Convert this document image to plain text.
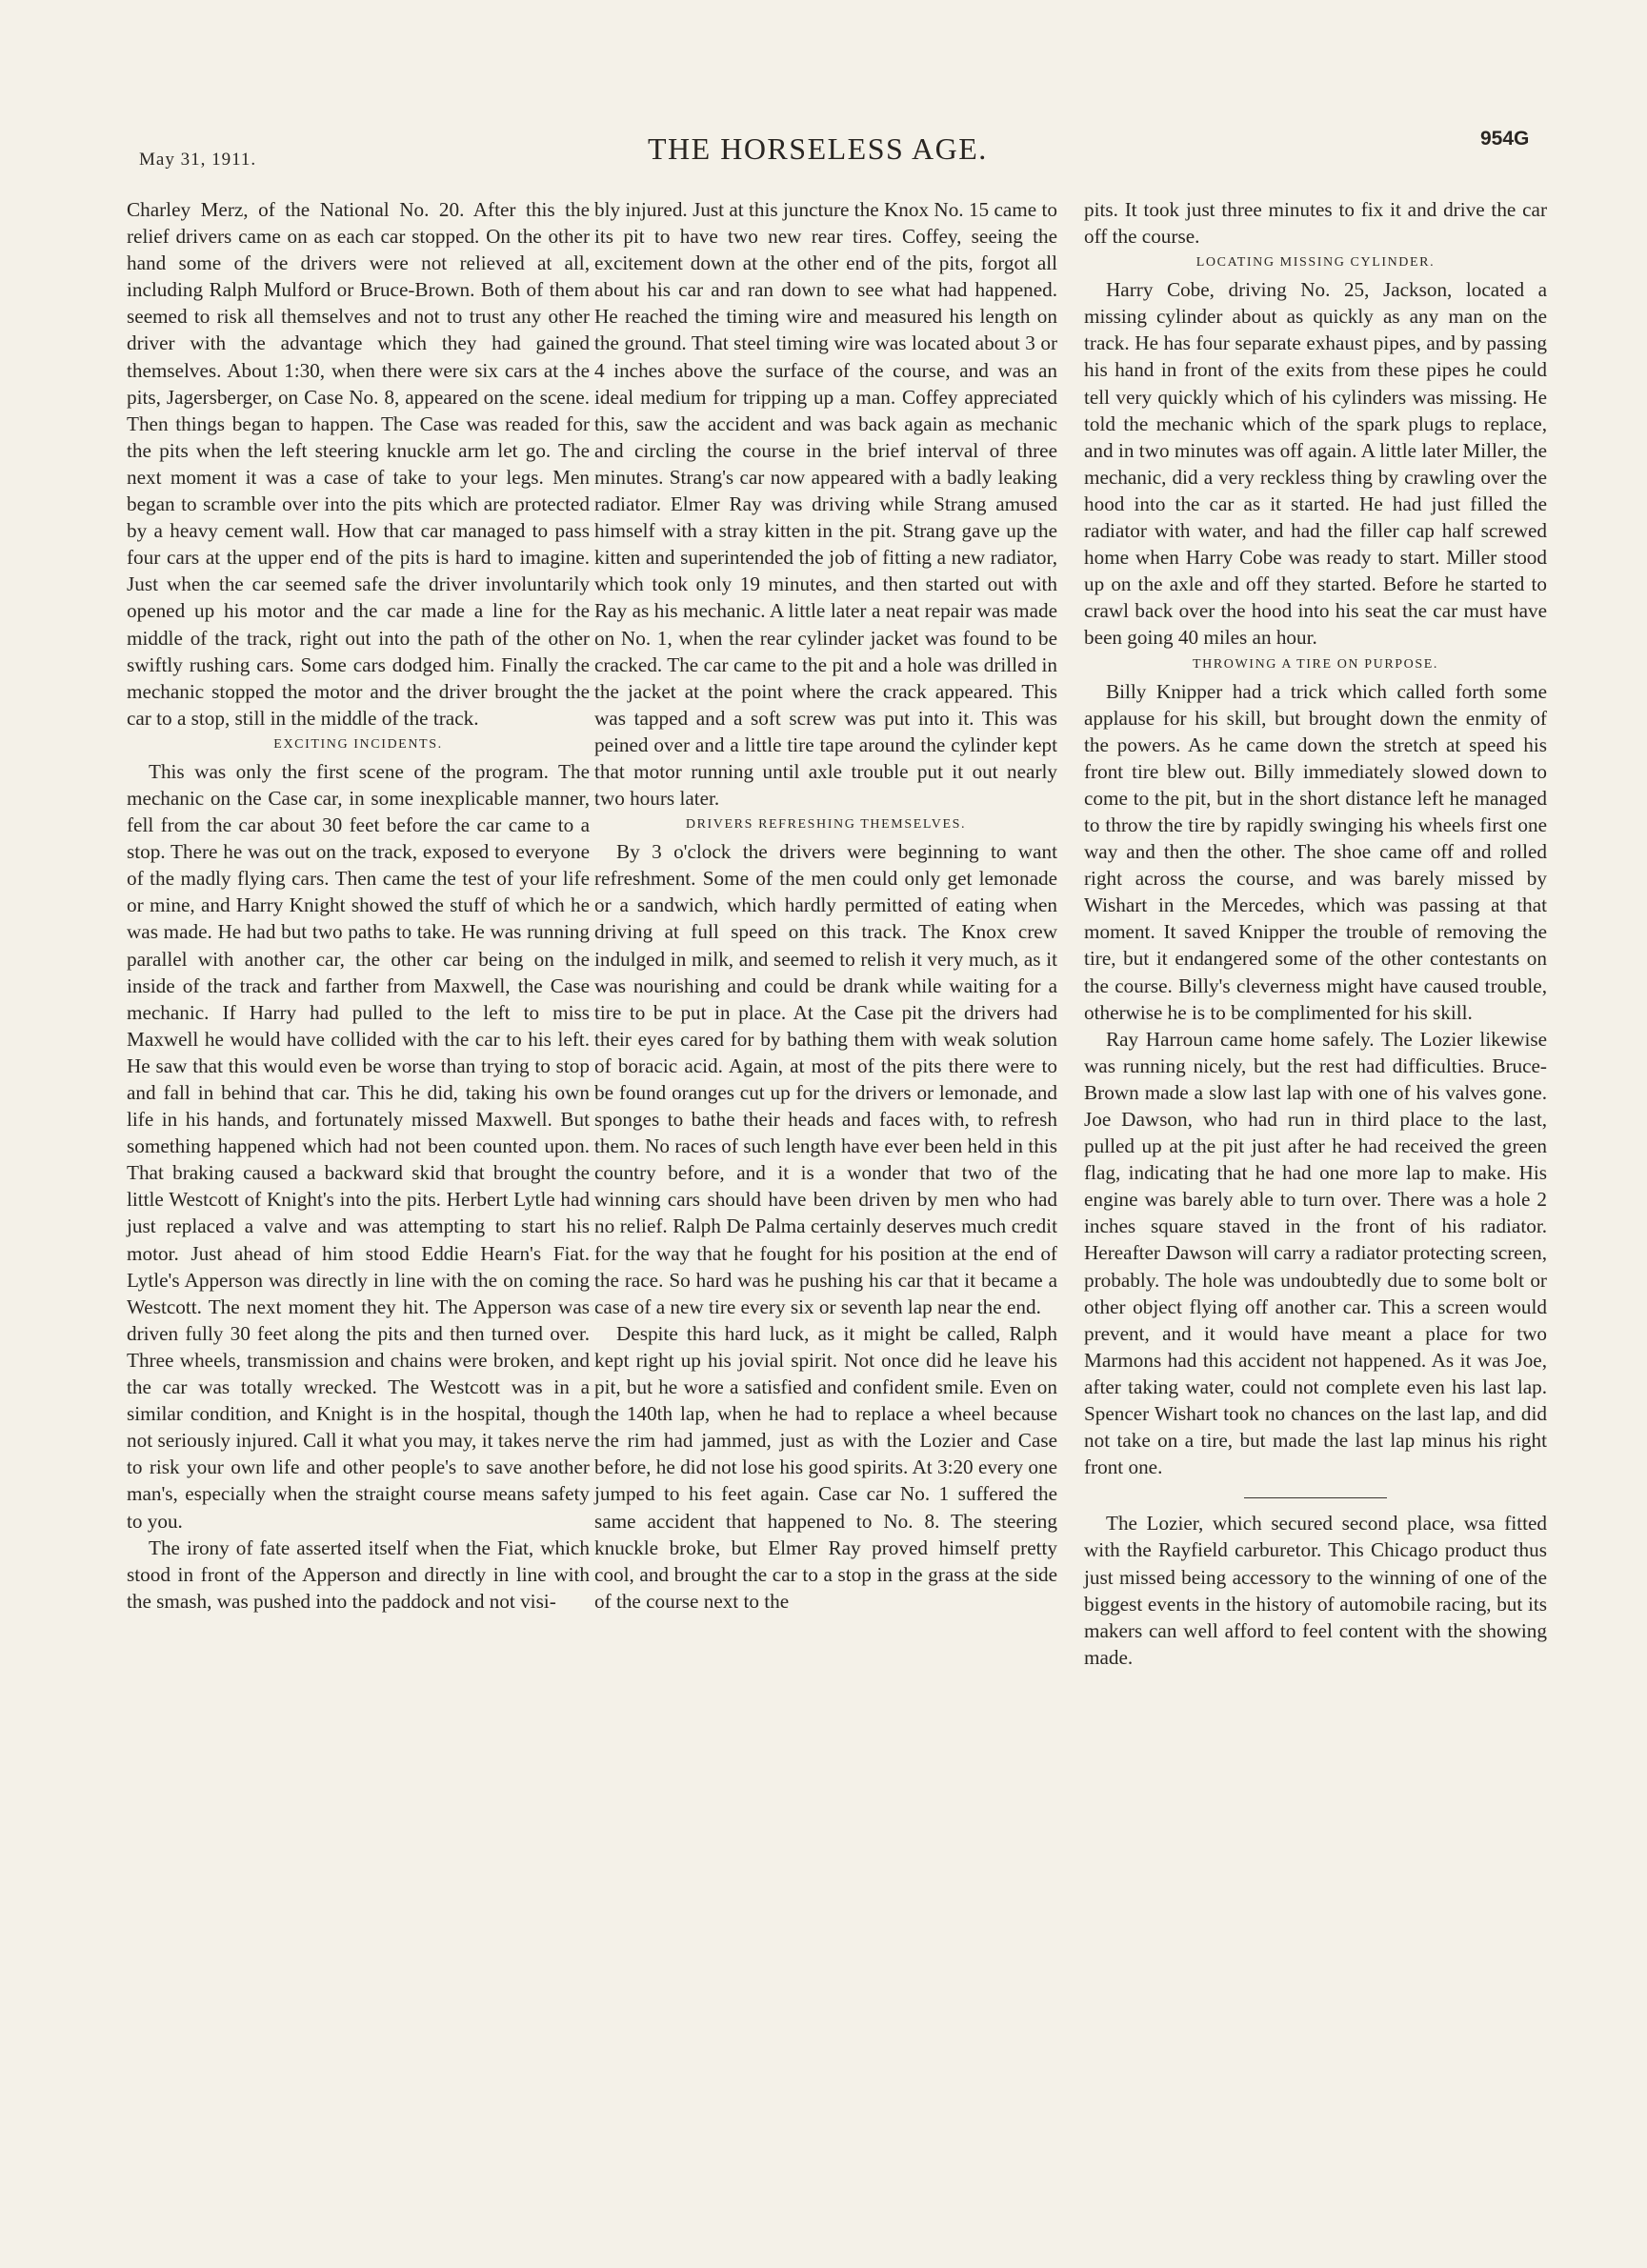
May 31, 1911.	THE HORSELESS AGE.	954G

Charley Merz, of the National No. 20. After this the relief drivers came on as each car stopped. On the other hand some of the drivers were not relieved at all, including Ralph Mulford or Bruce-Brown. Both of them seemed to risk all themselves and not to trust any other driver with the advantage which they had gained themselves. About 1:30, when there were six cars at the pits, Jagersberger, on Case No. 8, appeared on the scene. Then things began to happen. The Case was readed for the pits when the left steering knuckle arm let go. The next moment it was a case of take to your legs. Men began to scramble over into the pits which are protected by a heavy cement wall. How that car managed to pass four cars at the upper end of the pits is hard to imagine. Just when the car seemed safe the driver involuntarily opened up his motor and the car made a line for the middle of the track, right out into the path of the other swiftly rushing cars. Some cars dodged him. Finally the mechanic stopped the motor and the driver brought the car to a stop, still in the middle of the track.

EXCITING INCIDENTS.

This was only the first scene of the program. The mechanic on the Case car, in some inexplicable manner, fell from the car about 30 feet before the car came to a stop. There he was out on the track, exposed to everyone of the madly flying cars. Then came the test of your life or mine, and Harry Knight showed the stuff of which he was made. He had but two paths to take. He was running parallel with another car, the other car being on the inside of the track and farther from Maxwell, the Case mechanic. If Harry had pulled to the left to miss Maxwell he would have collided with the car to his left. He saw that this would even be worse than trying to stop and fall in behind that car. This he did, taking his own life in his hands, and fortunately missed Maxwell. But something happened which had not been counted upon. That braking caused a backward skid that brought the little Westcott of Knight's into the pits. Herbert Lytle had just replaced a valve and was attempting to start his motor. Just ahead of him stood Eddie Hearn's Fiat. Lytle's Apperson was directly in line with the on coming Westcott. The next moment they hit. The Apperson was driven fully 30 feet along the pits and then turned over. Three wheels, transmission and chains were broken, and the car was totally wrecked. The Westcott was in a similar condition, and Knight is in the hospital, though not seriously injured. Call it what you may, it takes nerve to risk your own life and other people's to save another man's, especially when the straight course means safety to you.

The irony of fate asserted itself when the Fiat, which stood in front of the Apperson and directly in line with the smash, was pushed into the paddock and not visi-

bly injured. Just at this juncture the Knox No. 15 came to its pit to have two new rear tires. Coffey, seeing the excitement down at the other end of the pits, forgot all about his car and ran down to see what had happened. He reached the timing wire and measured his length on the ground. That steel timing wire was located about 3 or 4 inches above the surface of the course, and was an ideal medium for tripping up a man. Coffey appreciated this, saw the accident and was back again as mechanic and circling the course in the brief interval of three minutes. Strang's car now appeared with a badly leaking radiator. Elmer Ray was driving while Strang amused himself with a stray kitten in the pit. Strang gave up the kitten and superintended the job of fitting a new radiator, which took only 19 minutes, and then started out with Ray as his mechanic. A little later a neat repair was made on No. 1, when the rear cylinder jacket was found to be cracked. The car came to the pit and a hole was drilled in the jacket at the point where the crack appeared. This was tapped and a soft screw was put into it. This was peined over and a little tire tape around the cylinder kept that motor running until axle trouble put it out nearly two hours later.

DRIVERS REFRESHING THEMSELVES.

By 3 o'clock the drivers were beginning to want refreshment. Some of the men could only get lemonade or a sandwich, which hardly permitted of eating when driving at full speed on this track. The Knox crew indulged in milk, and seemed to relish it very much, as it was nourishing and could be drank while waiting for a tire to be put in place. At the Case pit the drivers had their eyes cared for by bathing them with weak solution of boracic acid. Again, at most of the pits there were to be found oranges cut up for the drivers or lemonade, and sponges to bathe their heads and faces with, to refresh them. No races of such length have ever been held in this country before, and it is a wonder that two of the winning cars should have been driven by men who had no relief. Ralph De Palma certainly deserves much credit for the way that he fought for his position at the end of the race. So hard was he pushing his car that it became a case of a new tire every six or seventh lap near the end.

Despite this hard luck, as it might be called, Ralph kept right up his jovial spirit. Not once did he leave his pit, but he wore a satisfied and confident smile. Even on the 140th lap, when he had to replace a wheel because the rim had jammed, just as with the Lozier and Case before, he did not lose his good spirits. At 3:20 every one jumped to his feet again. Case car No. 1 suffered the same accident that happened to No. 8. The steering knuckle broke, but Elmer Ray proved himself pretty cool, and brought the car to a stop in the grass at the side of the course next to the

pits. It took just three minutes to fix it and drive the car off the course.

LOCATING MISSING CYLINDER.

Harry Cobe, driving No. 25, Jackson, located a missing cylinder about as quickly as any man on the track. He has four separate exhaust pipes, and by passing his hand in front of the exits from these pipes he could tell very quickly which of his cylinders was missing. He told the mechanic which of the spark plugs to replace, and in two minutes was off again. A little later Miller, the mechanic, did a very reckless thing by crawling over the hood into the car as it started. He had just filled the radiator with water, and had the filler cap half screwed home when Harry Cobe was ready to start. Miller stood up on the axle and off they started. Before he started to crawl back over the hood into his seat the car must have been going 40 miles an hour.

THROWING A TIRE ON PURPOSE.

Billy Knipper had a trick which called forth some applause for his skill, but brought down the enmity of the powers. As he came down the stretch at speed his front tire blew out. Billy immediately slowed down to come to the pit, but in the short distance left he managed to throw the tire by rapidly swinging his wheels first one way and then the other. The shoe came off and rolled right across the course, and was barely missed by Wishart in the Mercedes, which was passing at that moment. It saved Knipper the trouble of removing the tire, but it endangered some of the other contestants on the course. Billy's cleverness might have caused trouble, otherwise he is to be complimented for his skill.

Ray Harroun came home safely. The Lozier likewise was running nicely, but the rest had difficulties. Bruce-Brown made a slow last lap with one of his valves gone. Joe Dawson, who had run in third place to the last, pulled up at the pit just after he had received the green flag, indicating that he had one more lap to make. His engine was barely able to turn over. There was a hole 2 inches square staved in the front of his radiator. Hereafter Dawson will carry a radiator protecting screen, probably. The hole was undoubtedly due to some bolt or other object flying off another car. This a screen would prevent, and it would have meant a place for two Marmons had this accident not happened. As it was Joe, after taking water, could not complete even his last lap. Spencer Wishart took no chances on the last lap, and did not take on a tire, but made the last lap minus his right front one.

The Lozier, which secured second place, wsa fitted with the Rayfield carburetor. This Chicago product thus just missed being accessory to the winning of one of the biggest events in the history of automobile racing, but its makers can well afford to feel content with the showing made.
